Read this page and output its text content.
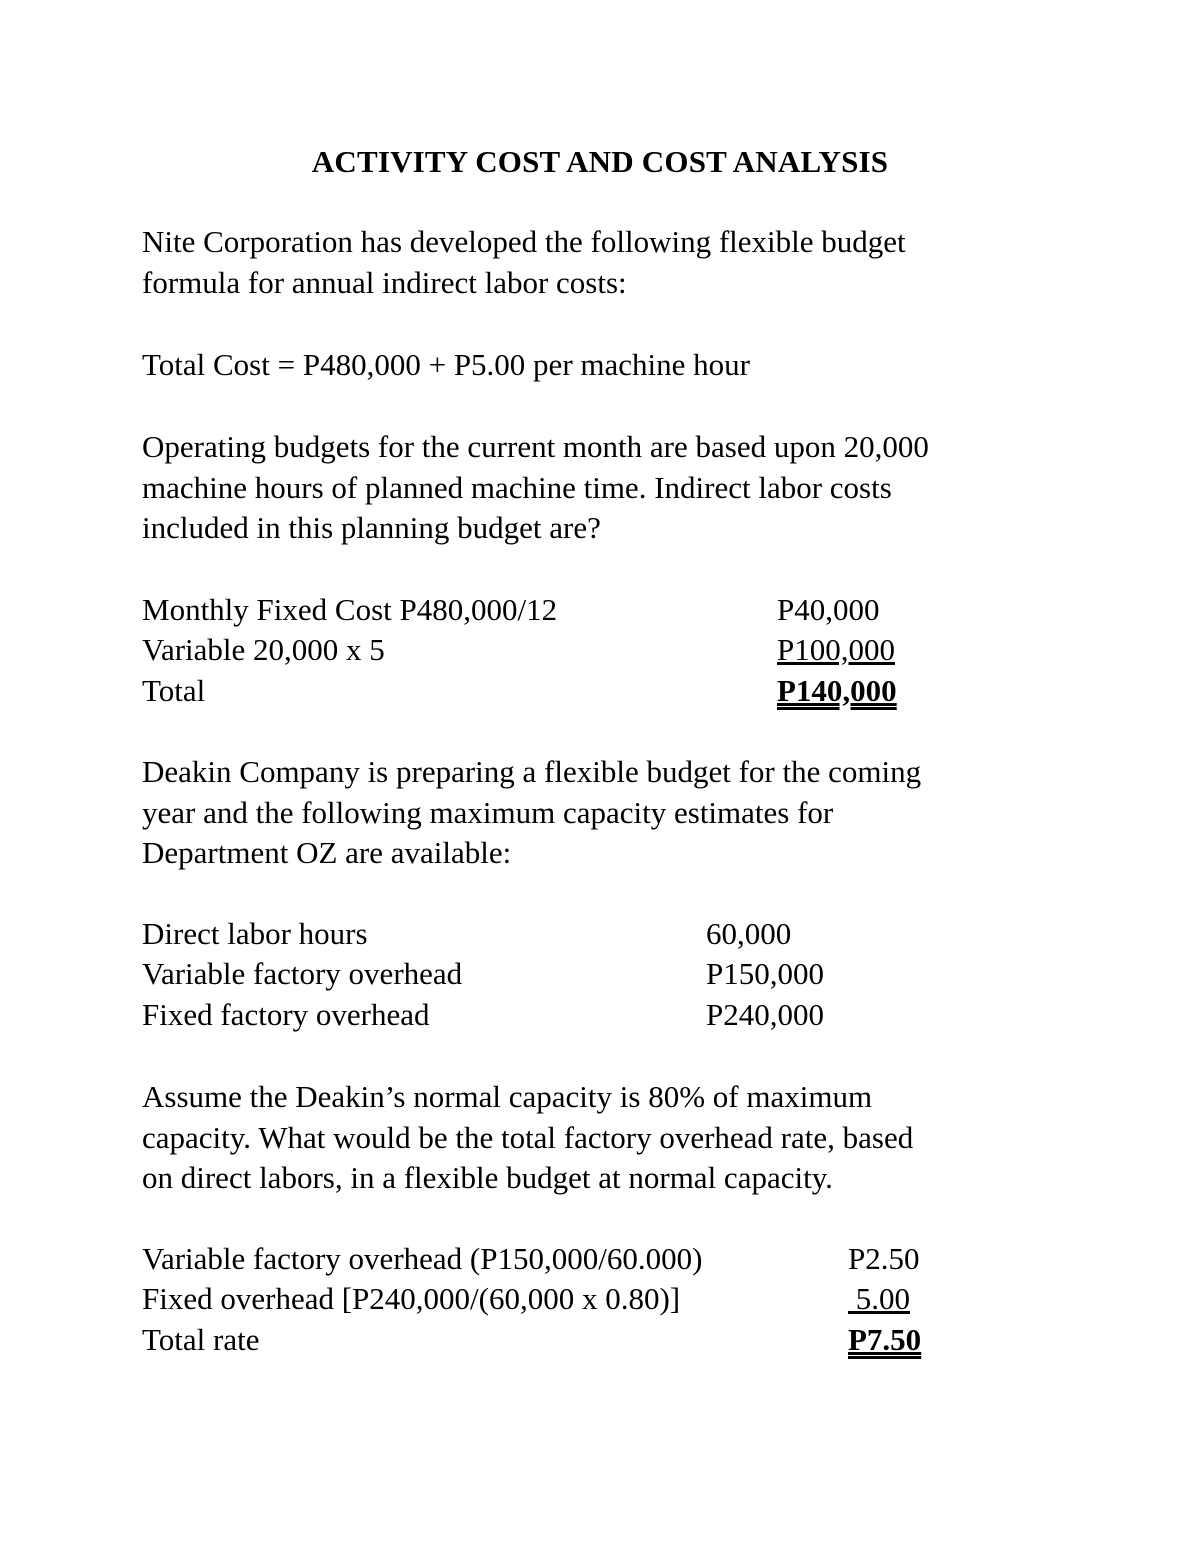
ACTIVITY COST AND COST ANALYSIS
Nite Corporation has developed the following flexible budget
formula for annual indirect labor costs:
Total Cost = P480,000 + P5.00 per machine hour
Operating budgets for the current month are based upon 20,000
machine hours of planned machine time. Indirect labor costs
included in this planning budget are?
Monthly Fixed Cost P480,000/12	P40,000
Variable 20,000 x 5	P100,000
Total	P140,000
Deakin Company is preparing a flexible budget for the coming
year and the following maximum capacity estimates for
Department OZ are available:
Direct labor hours	60,000
Variable factory overhead	P150,000
Fixed factory overhead	P240,000
Assume the Deakin’s normal capacity is 80% of maximum
capacity. What would be the total factory overhead rate, based
on direct labors, in a flexible budget at normal capacity.
Variable factory overhead (P150,000/60.000)	P2.50
Fixed overhead [P240,000/(60,000 x 0.80)]	5.00
Total rate	P7.50
